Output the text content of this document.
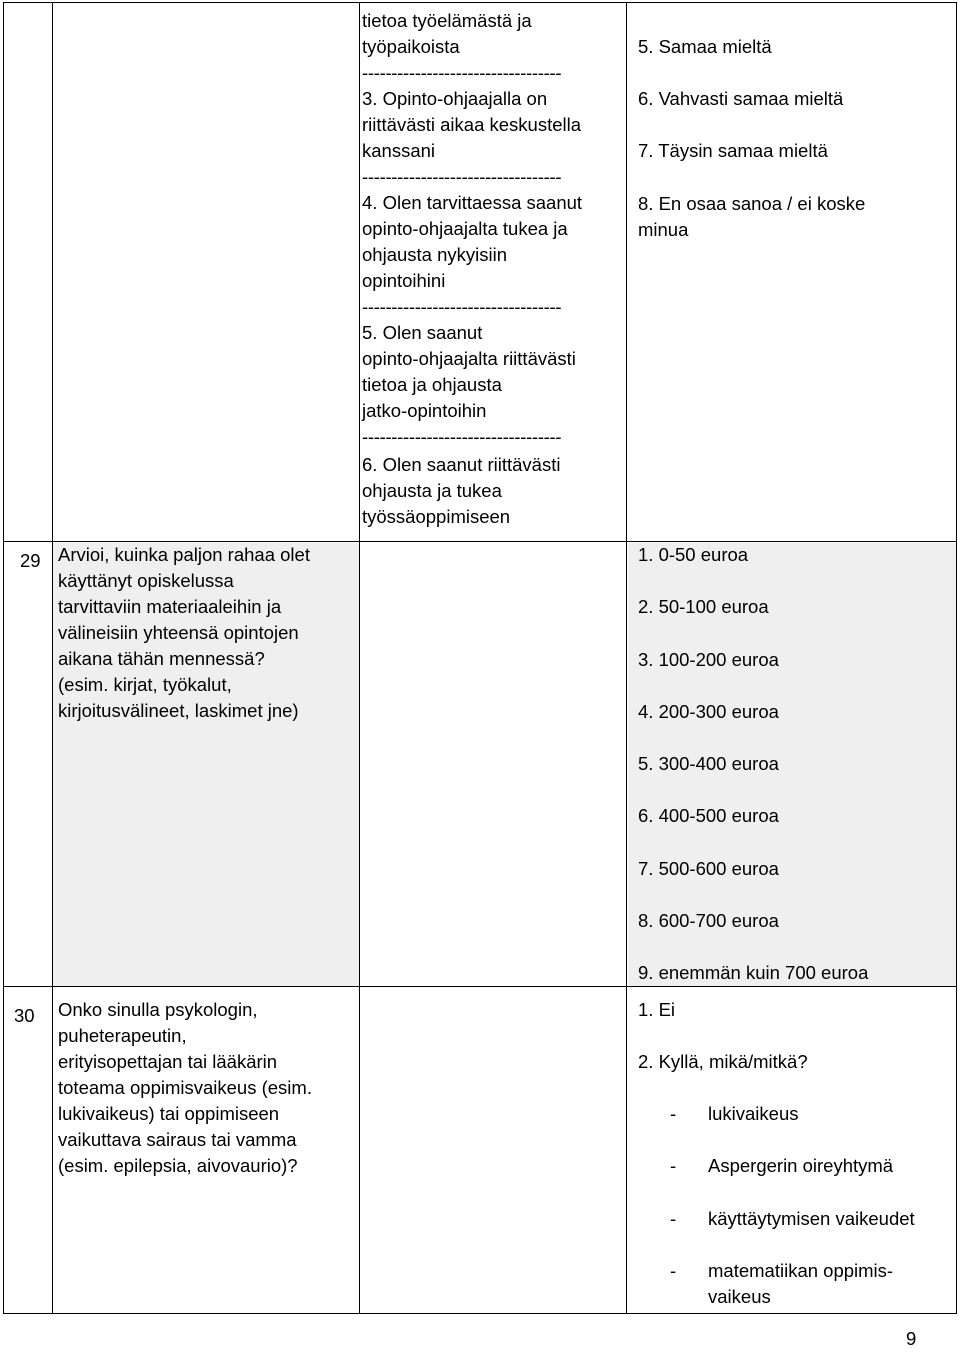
tietoa työelämästä ja
työpaikoista
----------------------------------
3. Opinto-ohjaajalla on
riittävästi aikaa keskustella
kanssani
----------------------------------
4. Olen tarvittaessa saanut
opinto-ohjaajalta tukea ja
ohjausta nykyisiin
opintoihini
----------------------------------
5. Olen saanut
opinto-ohjaajalta riittävästi
tietoa ja ohjausta
jatko-opintoihin
----------------------------------
6. Olen saanut riittävästi
ohjausta ja tukea
työssäoppimiseen
5. Samaa mieltä
6. Vahvasti samaa mieltä
7. Täysin samaa mieltä
8. En osaa sanoa / ei koske
minua
29 Arvioi, kuinka paljon rahaa olet
käyttänyt opiskelussa
tarvittaviin materiaaleihin ja
välineisiin yhteensä opintojen
aikana tähän mennessä?
(esim. kirjat, työkalut,
kirjoitusvälineet, laskimet jne)
1. 0-50 euroa
2. 50-100 euroa
3. 100-200 euroa
4. 200-300 euroa
5. 300-400 euroa
6. 400-500 euroa
7. 500-600 euroa
8. 600-700 euroa
9. enemmän kuin 700 euroa
30 Onko sinulla psykologin,
puheterapeutin,
erityisopettajan tai lääkärin
toteama oppimisvaikeus (esim.
lukivaikeus) tai oppimiseen
vaikuttava sairaus tai vamma
(esim. epilepsia, aivovaurio)?
1. Ei
2. Kyllä, mikä/mitkä?
- lukivaikeus
- Aspergerin oireyhtymä
- käyttäytymisen vaikeudet
- matematiikan oppimis-
vaikeus
9
